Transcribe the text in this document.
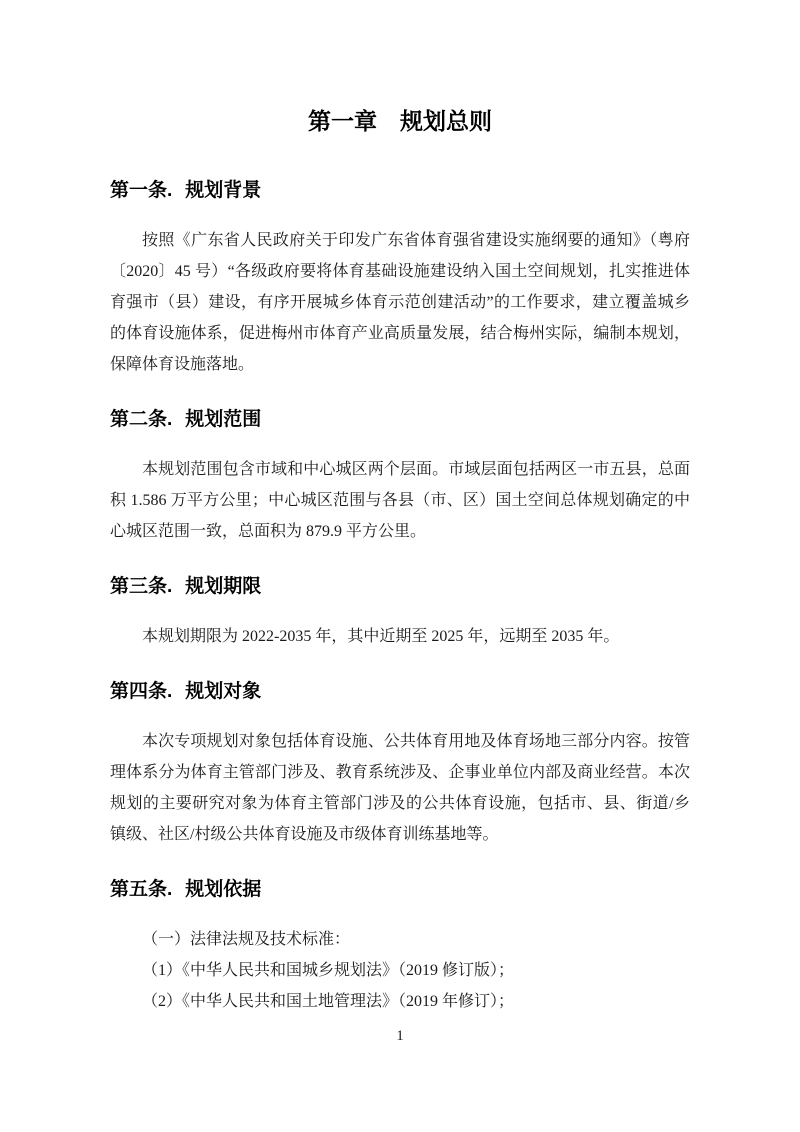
第一章　规划总则
第一条. 规划背景

按照《广东省人民政府关于印发广东省体育强省建设实施纲要的通知》（粤府〔2020〕45 号）“各级政府要将体育基础设施建设纳入国土空间规划，扎实推进体育强市（县）建设，有序开展城乡体育示范创建活动”的工作要求，建立覆盖城乡的体育设施体系，促进梅州市体育产业高质量发展，结合梅州实际，编制本规划，保障体育设施落地。

第二条. 规划范围

本规划范围包含市域和中心城区两个层面。市域层面包括两区一市五县，总面积 1.586 万平方公里；中心城区范围与各县（市、区）国土空间总体规划确定的中心城区范围一致，总面积为 879.9 平方公里。

第三条. 规划期限

本规划期限为 2022-2035 年，其中近期至 2025 年，远期至 2035 年。

第四条. 规划对象

本次专项规划对象包括体育设施、公共体育用地及体育场地三部分内容。按管理体系分为体育主管部门涉及、教育系统涉及、企事业单位内部及商业经营。本次规划的主要研究对象为体育主管部门涉及的公共体育设施，包括市、县、街道/乡镇级、社区/村级公共体育设施及市级体育训练基地等。

第五条. 规划依据

（一）法律法规及技术标准：

（1）《中华人民共和国城乡规划法》（2019 修订版）；

（2）《中华人民共和国土地管理法》（2019 年修订）；

1
